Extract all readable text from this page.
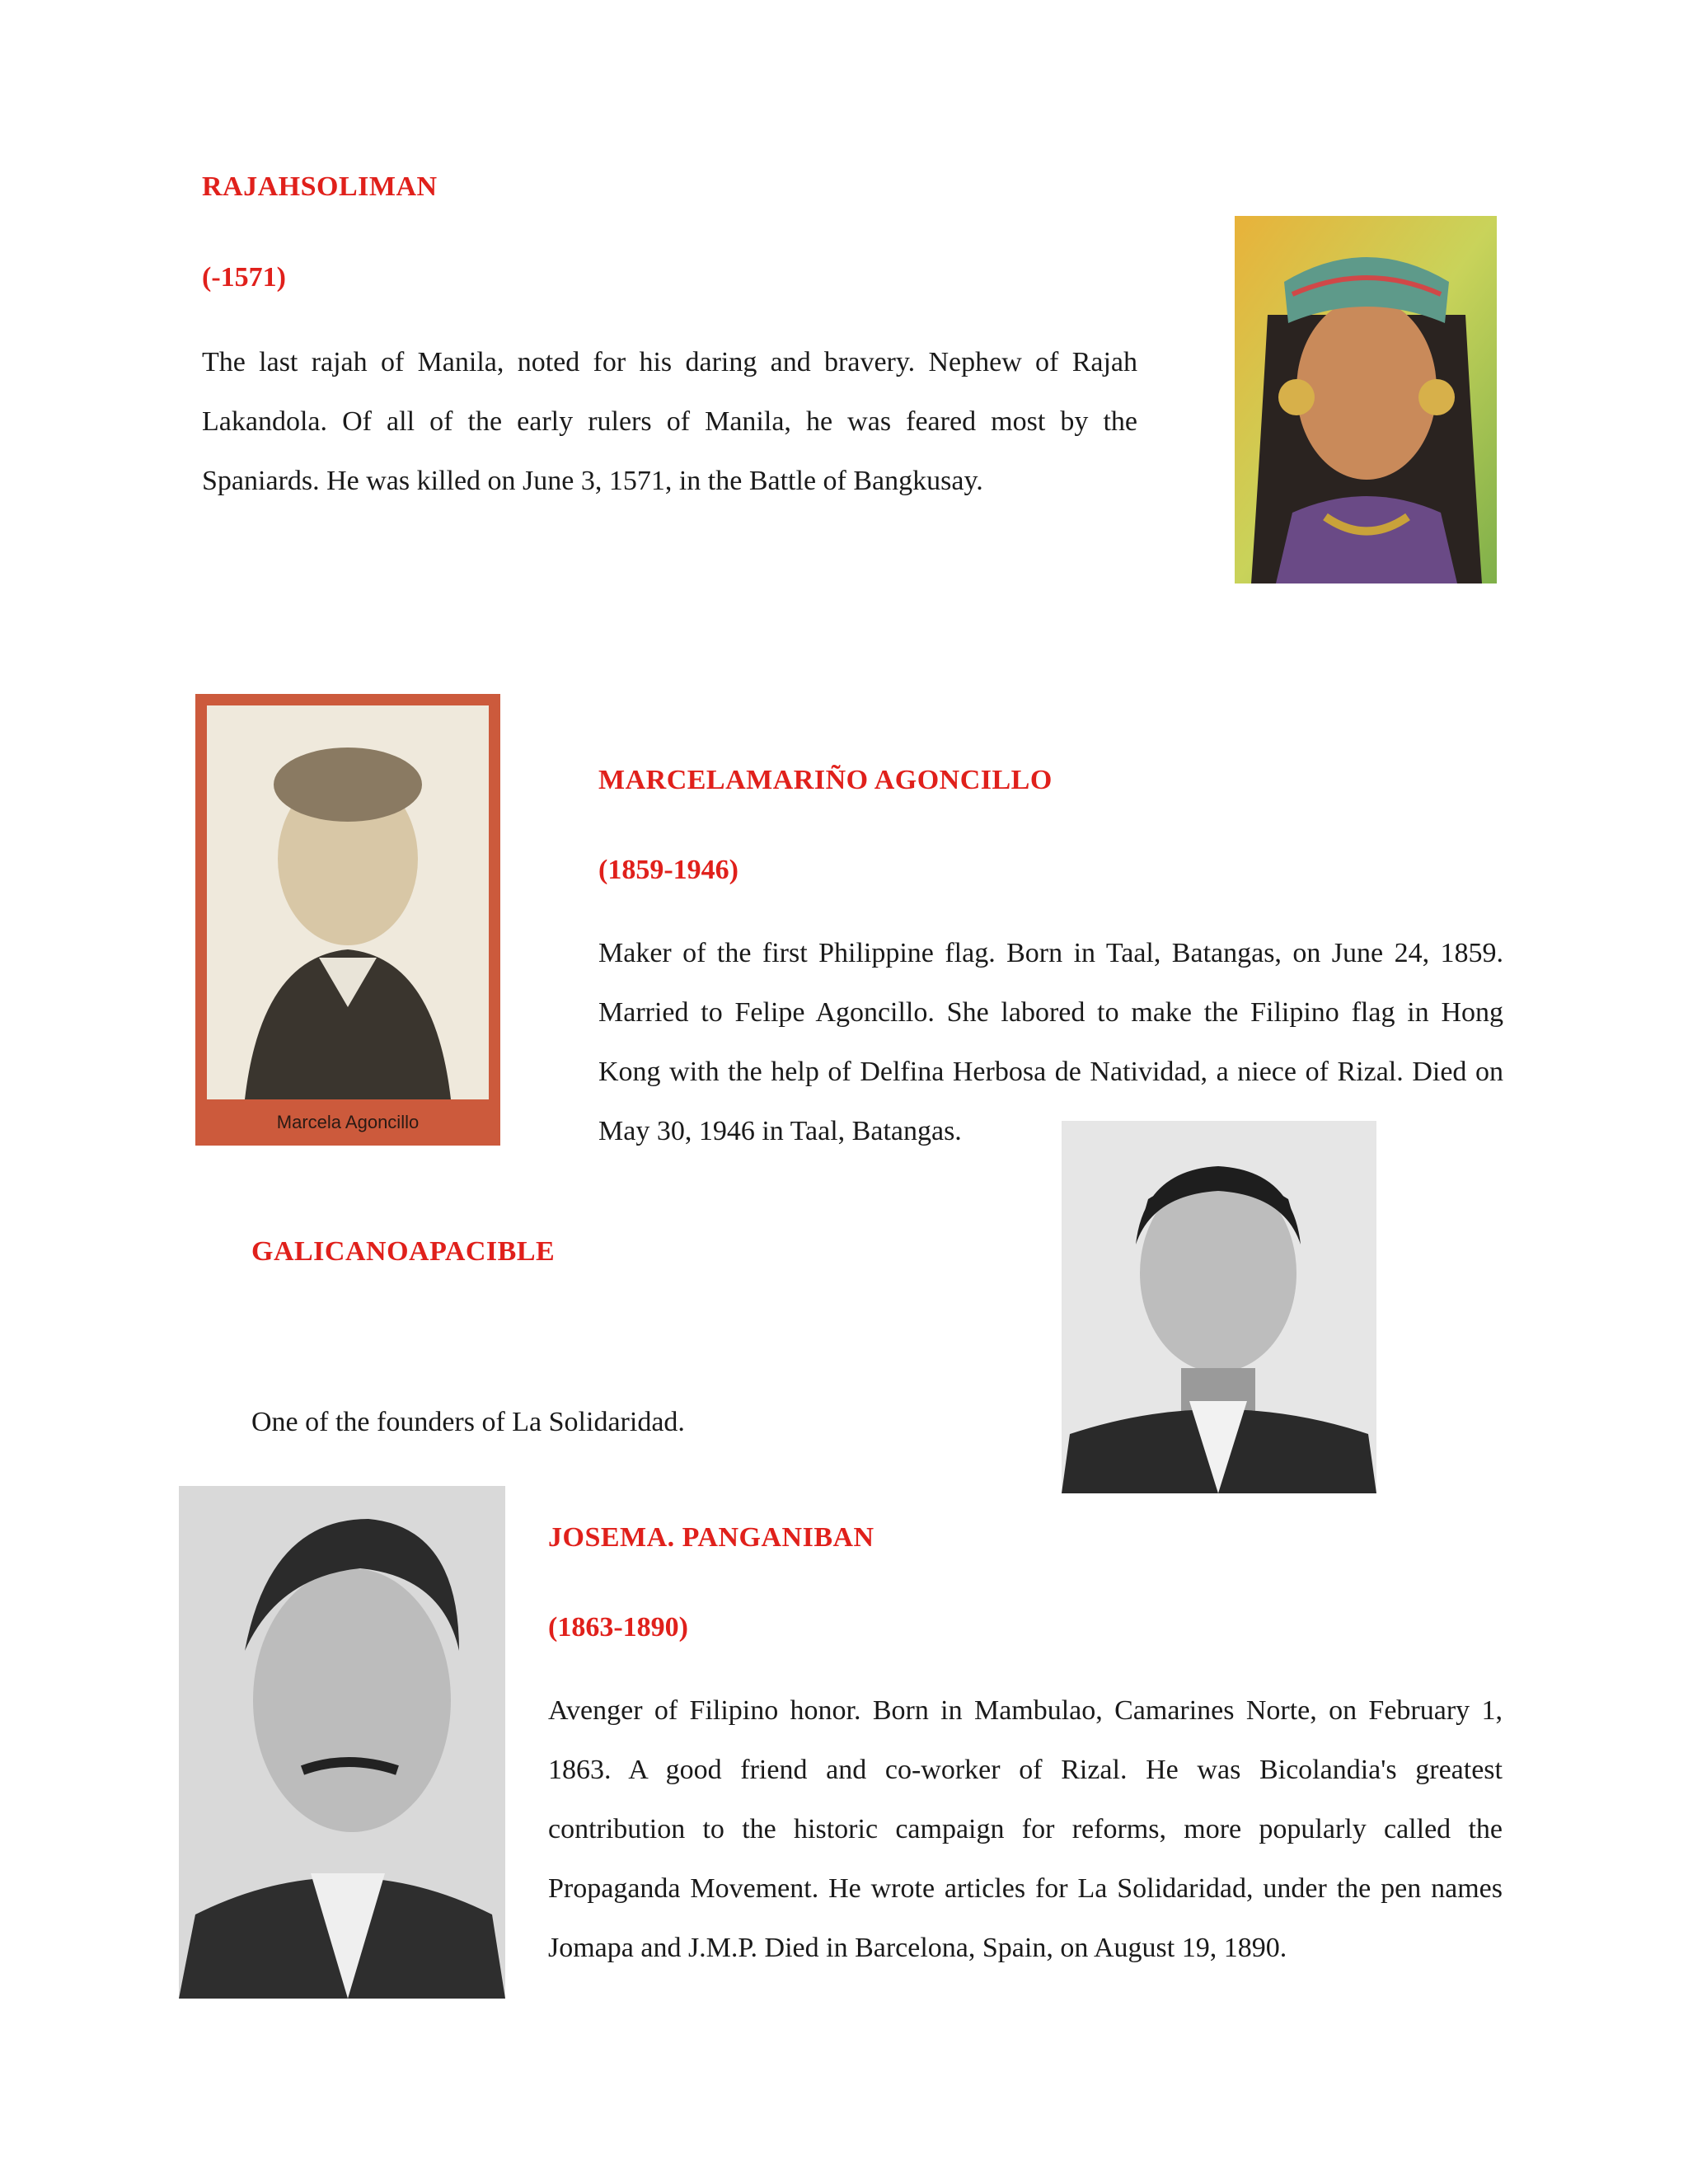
RAJAHSOLIMAN
(-1571)
The last rajah of Manila, noted for his daring and bravery. Nephew of Rajah Lakandola. Of all of the early rulers of Manila, he was feared most by the Spaniards. He was killed on June 3, 1571, in the Battle of Bangkusay.
Marcela Agoncillo
MARCELAMARIÑO AGONCILLO
(1859-1946)
Maker of the first Philippine flag. Born in Taal, Batangas, on June 24, 1859. Married to Felipe Agoncillo. She labored to make the Filipino flag in Hong Kong with the help of Delfina Herbosa de Natividad, a niece of Rizal. Died on May 30, 1946 in Taal, Batangas.
GALICANOAPACIBLE
One of the founders of La Solidaridad.
JOSEMA. PANGANIBAN
(1863-1890)
Avenger of Filipino honor. Born in Mambulao, Camarines Norte, on February 1, 1863. A good friend and co-worker of Rizal. He was Bicolandia's greatest contribution to the historic campaign for reforms, more popularly called the Propaganda Movement. He wrote articles for La Solidaridad, under the pen names Jomapa and J.M.P. Died in Barcelona, Spain, on August 19, 1890.
